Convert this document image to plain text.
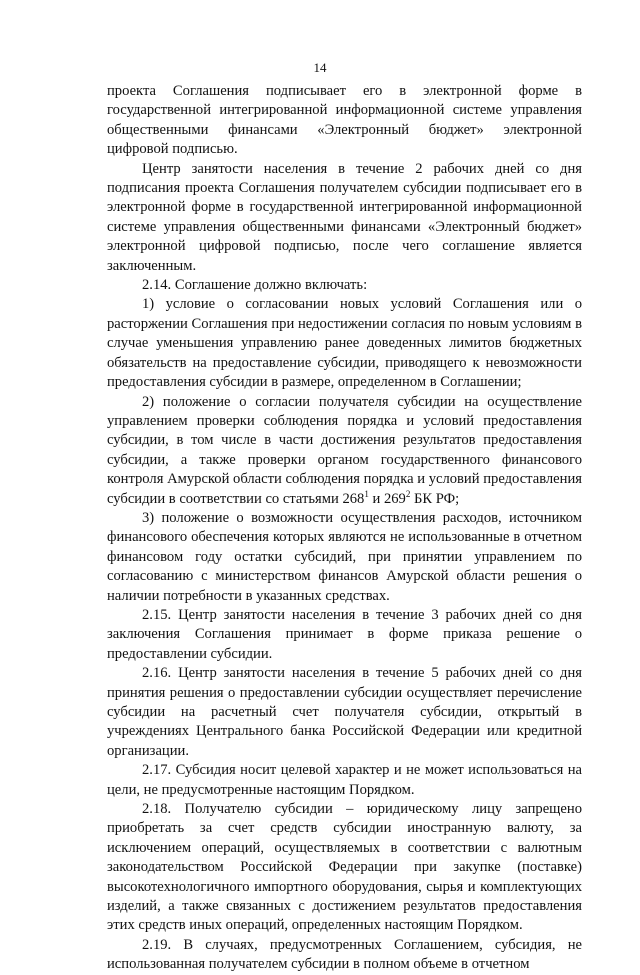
14

проекта Соглашения подписывает его в электронной форме в государственной интегрированной информационной системе управления общественными финансами «Электронный бюджет» электронной цифровой подписью.

Центр занятости населения в течение 2 рабочих дней со дня подписания проекта Соглашения получателем субсидии подписывает его в электронной форме в государственной интегрированной информационной системе управления общественными финансами «Электронный бюджет» электронной цифровой подписью, после чего соглашение является заключенным.

2.14. Соглашение должно включать:

1) условие о согласовании новых условий Соглашения или о расторжении Соглашения при недостижении согласия по новым условиям в случае уменьшения управлению ранее доведенных лимитов бюджетных обязательств на предоставление субсидии, приводящего к невозможности предоставления субсидии в размере, определенном в Соглашении;

2) положение о согласии получателя субсидии на осуществление управлением проверки соблюдения порядка и условий предоставления субсидии, в том числе в части достижения результатов предоставления субсидии, а также проверки органом государственного финансового контроля Амурской области соблюдения порядка и условий предоставления субсидии в соответствии со статьями $268^1$ и $269^2$ БК РФ;

3) положение о возможности осуществления расходов, источником финансового обеспечения которых являются не использованные в отчетном финансовом году остатки субсидий, при принятии управлением по согласованию с министерством финансов Амурской области решения о наличии потребности в указанных средствах.

2.15. Центр занятости населения в течение 3 рабочих дней со дня заключения Соглашения принимает в форме приказа решение о предоставлении субсидии.

2.16. Центр занятости населения в течение 5 рабочих дней со дня принятия решения о предоставлении субсидии осуществляет перечисление субсидии на расчетный счет получателя субсидии, открытый в учреждениях Центрального банка Российской Федерации или кредитной организации.

2.17. Субсидия носит целевой характер и не может использоваться на цели, не предусмотренные настоящим Порядком.

2.18. Получателю субсидии – юридическому лицу запрещено приобретать за счет средств субсидии иностранную валюту, за исключением операций, осуществляемых в соответствии с валютным законодательством Российской Федерации при закупке (поставке) высокотехнологичного импортного оборудования, сырья и комплектующих изделий, а также связанных с достижением результатов предоставления этих средств иных операций, определенных настоящим Порядком.

2.19. В случаях, предусмотренных Соглашением, субсидия, не использованная получателем субсидии в полном объеме в отчетном
